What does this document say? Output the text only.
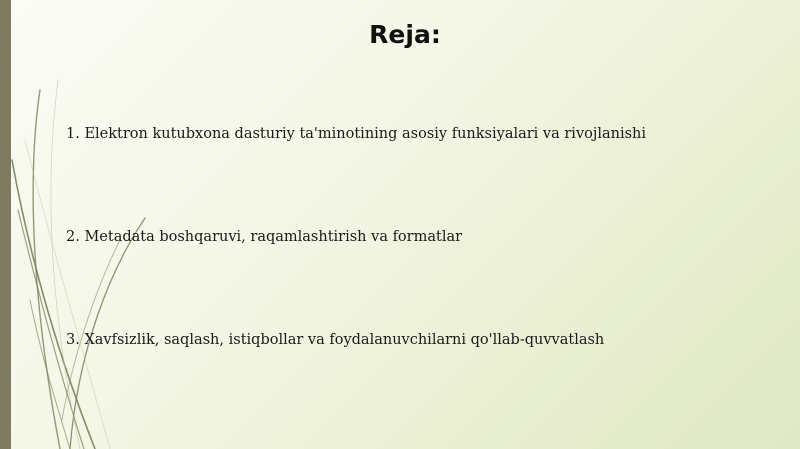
Reja:
1. Elektron kutubxona dasturiy ta'minotining asosiy funksiyalari va rivojlanishi
2. Metadata boshqaruvi, raqamlashtirish va formatlar
3. Xavfsizlik, saqlash, istiqbollar va foydalanuvchilarni qo'llab-quvvatlash
